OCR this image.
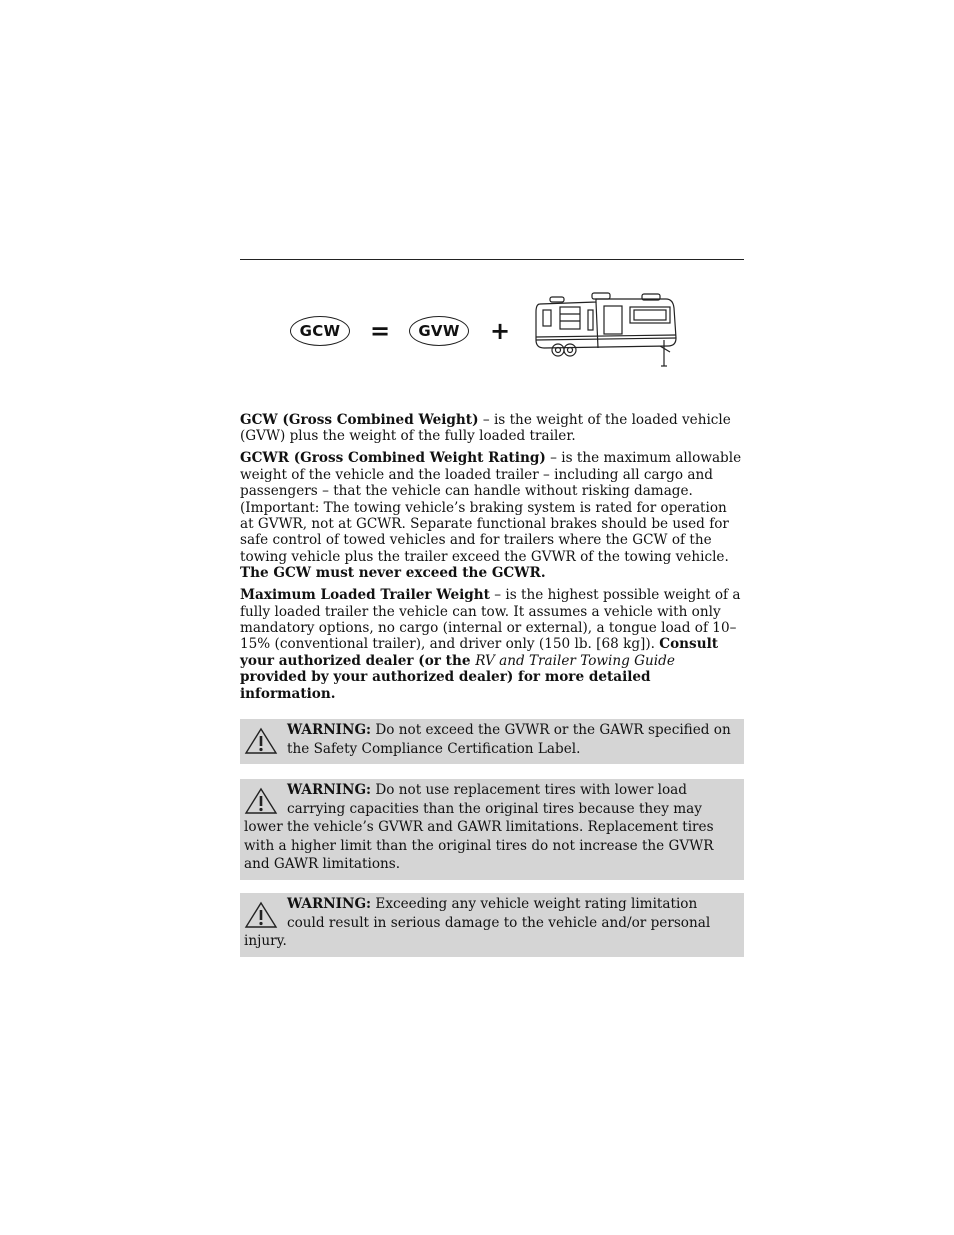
GCW	=	GVW	+

GCW (Gross Combined Weight) – is the weight of the loaded vehicle (GVW) plus the weight of the fully loaded trailer.

GCWR (Gross Combined Weight Rating) – is the maximum allowable weight of the vehicle and the loaded trailer – including all cargo and passengers – that the vehicle can handle without risking damage. (Important: The towing vehicle’s braking system is rated for operation at GVWR, not at GCWR. Separate functional brakes should be used for safe control of towed vehicles and for trailers where the GCW of the towing vehicle plus the trailer exceed the GVWR of the towing vehicle. The GCW must never exceed the GCWR.

Maximum Loaded Trailer Weight – is the highest possible weight of a fully loaded trailer the vehicle can tow. It assumes a vehicle with only mandatory options, no cargo (internal or external), a tongue load of 10–15% (conventional trailer), and driver only (150 lb. [68 kg]). Consult your authorized dealer (or the RV and Trailer Towing Guide provided by your authorized dealer) for more detailed information.

WARNING: Do not exceed the GVWR or the GAWR specified on the Safety Compliance Certification Label.
WARNING: Do not use replacement tires with lower load carrying capacities than the original tires because they may lower the vehicle’s GVWR and GAWR limitations. Replacement tires with a higher limit than the original tires do not increase the GVWR and GAWR limitations.
WARNING: Exceeding any vehicle weight rating limitation could result in serious damage to the vehicle and/or personal injury.
